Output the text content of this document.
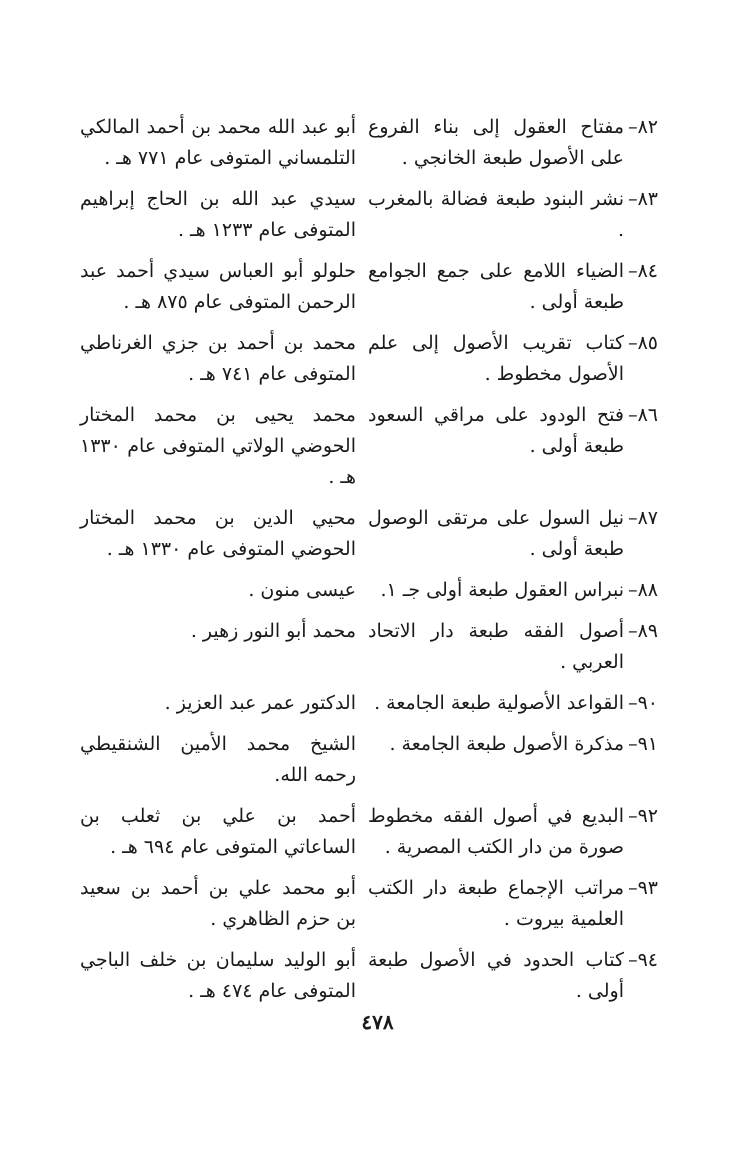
٨٢–
مفتاح العقول إلى بناء الفروع على الأصول طبعة الخانجي .
أبو عبد الله محمد بن أحمد المالكي التلمساني المتوفى عام ٧٧١ هـ .
٨٣–
نشر البنود طبعة فضالة بالمغرب .
سيدي عبد الله بن الحاج إبراهيم المتوفى عام ١٢٣٣ هـ .
٨٤–
الضياء اللامع على جمع الجوامع طبعة أولى .
حلولو أبو العباس سيدي أحمد عبد الرحمن المتوفى عام ٨٧٥ هـ .
٨٥–
كتاب تقريب الأصول إلى علم الأصول مخطوط .
محمد بن أحمد بن جزي الغرناطي المتوفى عام ٧٤١ هـ .
٨٦–
فتح الودود على مراقي السعود طبعة أولى .
محمد يحيى بن محمد المختار الحوضي الولاتي المتوفى عام ١٣٣٠ هـ .
٨٧–
نيل السول على مرتقى الوصول طبعة أولى .
محيي الدين بن محمد المختار الحوضي المتوفى عام ١٣٣٠ هـ .
٨٨–
نبراس العقول طبعة أولى جـ ١.
عيسى منون .
٨٩–
أصول الفقه طبعة دار الاتحاد العربي .
محمد أبو النور زهير .
٩٠–
القواعد الأصولية طبعة الجامعة .
الدكتور عمر عبد العزيز .
٩١–
مذكرة الأصول طبعة الجامعة .
الشيخ محمد الأمين الشنقيطي رحمه الله.
٩٢–
البديع في أصول الفقه مخطوط صورة من دار الكتب المصرية .
أحمد بن علي بن ثعلب بن الساعاتي المتوفى عام ٦٩٤ هـ .
٩٣–
مراتب الإجماع طبعة دار الكتب العلمية بيروت .
أبو محمد علي بن أحمد بن سعيد بن حزم الظاهري .
٩٤–
كتاب الحدود في الأصول طبعة أولى .
أبو الوليد سليمان بن خلف الباجي المتوفى عام ٤٧٤ هـ .
٤٧٨
